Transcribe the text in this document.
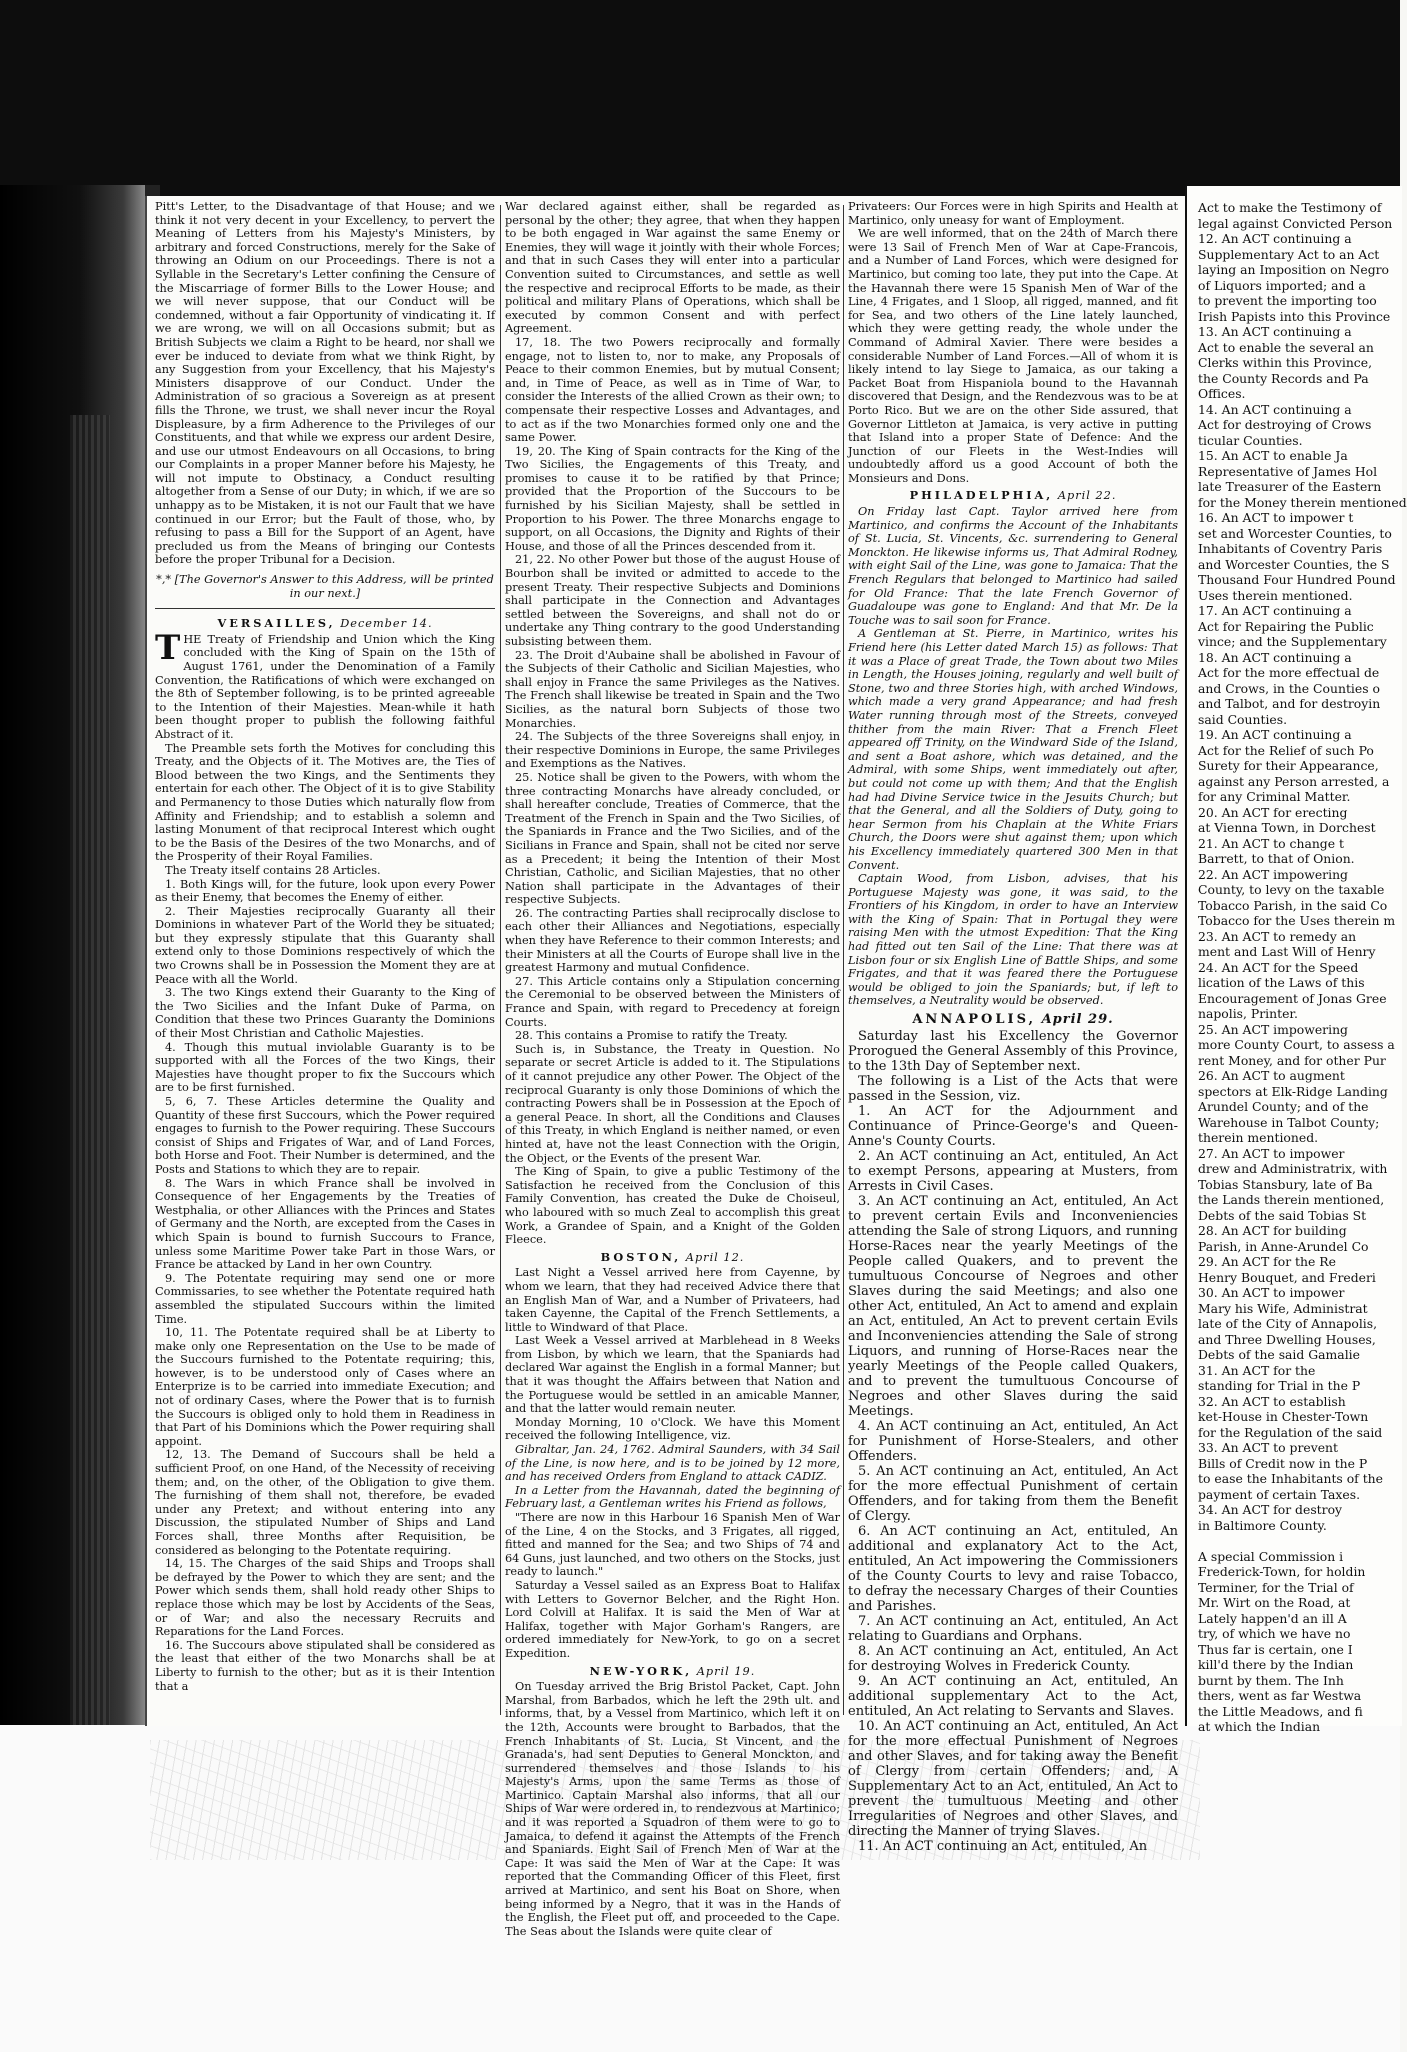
Pitt's Letter, to the Disadvantage of that House; and we think it not very decent in your Excellency, to pervert the Meaning of Letters from his Majesty's Ministers, by arbitrary and forced Constructions, merely for the Sake of throwing an Odium on our Proceedings. There is not a Syllable in the Secretary's Letter confining the Censure of the Miscarriage of former Bills to the Lower House; and we will never suppose, that our Conduct will be condemned, without a fair Opportunity of vindicating it. If we are wrong, we will on all Occasions submit; but as British Subjects we claim a Right to be heard, nor shall we ever be induced to deviate from what we think Right, by any Suggestion from your Excellency, that his Majesty's Ministers disapprove of our Conduct. Under the Administration of so gracious a Sovereign as at present fills the Throne, we trust, we shall never incur the Royal Displeasure, by a firm Adherence to the Privileges of our Constituents, and that while we express our ardent Desire, and use our utmost Endeavours on all Occasions, to bring our Complaints in a proper Manner before his Majesty, he will not impute to Obstinacy, a Conduct resulting altogether from a Sense of our Duty; in which, if we are so unhappy as to be Mistaken, it is not our Fault that we have continued in our Error; but the Fault of those, who, by refusing to pass a Bill for the Support of an Agent, have precluded us from the Means of bringing our Contests before the proper Tribunal for a Decision.

*,* [The Governor's Answer to this Address, will be printed in our next.]
VERSAILLES, December 14.

THE Treaty of Friendship and Union which the King concluded with the King of Spain on the 15th of August 1761, under the Denomination of a Family Convention, the Ratifications of which were exchanged on the 8th of September following, is to be printed agreeable to the Intention of their Majesties. Mean-while it hath been thought proper to publish the following faithful Abstract of it.

The Preamble sets forth the Motives for concluding this Treaty, and the Objects of it. The Motives are, the Ties of Blood between the two Kings, and the Sentiments they entertain for each other. The Object of it is to give Stability and Permanency to those Duties which naturally flow from Affinity and Friendship; and to establish a solemn and lasting Monument of that reciprocal Interest which ought to be the Basis of the Desires of the two Monarchs, and of the Prosperity of their Royal Families.

The Treaty itself contains 28 Articles.

1. Both Kings will, for the future, look upon every Power as their Enemy, that becomes the Enemy of either.

2. Their Majesties reciprocally Guaranty all their Dominions in whatever Part of the World they be situated; but they expressly stipulate that this Guaranty shall extend only to those Dominions respectively of which the two Crowns shall be in Possession the Moment they are at Peace with all the World.

3. The two Kings extend their Guaranty to the King of the Two Sicilies and the Infant Duke of Parma, on Condition that these two Princes Guaranty the Dominions of their Most Christian and Catholic Majesties.

4. Though this mutual inviolable Guaranty is to be supported with all the Forces of the two Kings, their Majesties have thought proper to fix the Succours which are to be first furnished.

5, 6, 7. These Articles determine the Quality and Quantity of these first Succours, which the Power required engages to furnish to the Power requiring. These Succours consist of Ships and Frigates of War, and of Land Forces, both Horse and Foot. Their Number is determined, and the Posts and Stations to which they are to repair.

8. The Wars in which France shall be involved in Consequence of her Engagements by the Treaties of Westphalia, or other Alliances with the Princes and States of Germany and the North, are excepted from the Cases in which Spain is bound to furnish Succours to France, unless some Maritime Power take Part in those Wars, or France be attacked by Land in her own Country.

9. The Potentate requiring may send one or more Commissaries, to see whether the Potentate required hath assembled the stipulated Succours within the limited Time.

10, 11. The Potentate required shall be at Liberty to make only one Representation on the Use to be made of the Succours furnished to the Potentate requiring; this, however, is to be understood only of Cases where an Enterprize is to be carried into immediate Execution; and not of ordinary Cases, where the Power that is to furnish the Succours is obliged only to hold them in Readiness in that Part of his Dominions which the Power requiring shall appoint.

12, 13. The Demand of Succours shall be held a sufficient Proof, on one Hand, of the Necessity of receiving them; and, on the other, of the Obligation to give them. The furnishing of them shall not, therefore, be evaded under any Pretext; and without entering into any Discussion, the stipulated Number of Ships and Land Forces shall, three Months after Requisition, be considered as belonging to the Potentate requiring.

14, 15. The Charges of the said Ships and Troops shall be defrayed by the Power to which they are sent; and the Power which sends them, shall hold ready other Ships to replace those which may be lost by Accidents of the Seas, or of War; and also the necessary Recruits and Reparations for the Land Forces.

16. The Succours above stipulated shall be considered as the least that either of the two Monarchs shall be at Liberty to furnish to the other; but as it is their Intention that a

War declared against either, shall be regarded as personal by the other; they agree, that when they happen to be both engaged in War against the same Enemy or Enemies, they will wage it jointly with their whole Forces; and that in such Cases they will enter into a particular Convention suited to Circumstances, and settle as well the respective and reciprocal Efforts to be made, as their political and military Plans of Operations, which shall be executed by common Consent and with perfect Agreement.

17, 18. The two Powers reciprocally and formally engage, not to listen to, nor to make, any Proposals of Peace to their common Enemies, but by mutual Consent; and, in Time of Peace, as well as in Time of War, to consider the Interests of the allied Crown as their own; to compensate their respective Losses and Advantages, and to act as if the two Monarchies formed only one and the same Power.

19, 20. The King of Spain contracts for the King of the Two Sicilies, the Engagements of this Treaty, and promises to cause it to be ratified by that Prince; provided that the Proportion of the Succours to be furnished by his Sicilian Majesty, shall be settled in Proportion to his Power. The three Monarchs engage to support, on all Occasions, the Dignity and Rights of their House, and those of all the Princes descended from it.

21, 22. No other Power but those of the august House of Bourbon shall be invited or admitted to accede to the present Treaty. Their respective Subjects and Dominions shall participate in the Connection and Advantages settled between the Sovereigns, and shall not do or undertake any Thing contrary to the good Understanding subsisting between them.

23. The Droit d'Aubaine shall be abolished in Favour of the Subjects of their Catholic and Sicilian Majesties, who shall enjoy in France the same Privileges as the Natives. The French shall likewise be treated in Spain and the Two Sicilies, as the natural born Subjects of those two Monarchies.

24. The Subjects of the three Sovereigns shall enjoy, in their respective Dominions in Europe, the same Privileges and Exemptions as the Natives.

25. Notice shall be given to the Powers, with whom the three contracting Monarchs have already concluded, or shall hereafter conclude, Treaties of Commerce, that the Treatment of the French in Spain and the Two Sicilies, of the Spaniards in France and the Two Sicilies, and of the Sicilians in France and Spain, shall not be cited nor serve as a Precedent; it being the Intention of their Most Christian, Catholic, and Sicilian Majesties, that no other Nation shall participate in the Advantages of their respective Subjects.

26. The contracting Parties shall reciprocally disclose to each other their Alliances and Negotiations, especially when they have Reference to their common Interests; and their Ministers at all the Courts of Europe shall live in the greatest Harmony and mutual Confidence.

27. This Article contains only a Stipulation concerning the Ceremonial to be observed between the Ministers of France and Spain, with regard to Precedency at foreign Courts.

28. This contains a Promise to ratify the Treaty.

Such is, in Substance, the Treaty in Question. No separate or secret Article is added to it. The Stipulations of it cannot prejudice any other Power. The Object of the reciprocal Guaranty is only those Dominions of which the contracting Powers shall be in Possession at the Epoch of a general Peace. In short, all the Conditions and Clauses of this Treaty, in which England is neither named, or even hinted at, have not the least Connection with the Origin, the Object, or the Events of the present War.

The King of Spain, to give a public Testimony of the Satisfaction he received from the Conclusion of this Family Convention, has created the Duke de Choiseul, who laboured with so much Zeal to accomplish this great Work, a Grandee of Spain, and a Knight of the Golden Fleece.

BOSTON, April 12.

Last Night a Vessel arrived here from Cayenne, by whom we learn, that they had received Advice there that an English Man of War, and a Number of Privateers, had taken Cayenne, the Capital of the French Settlements, a little to Windward of that Place.

Last Week a Vessel arrived at Marblehead in 8 Weeks from Lisbon, by which we learn, that the Spaniards had declared War against the English in a formal Manner; but that it was thought the Affairs between that Nation and the Portuguese would be settled in an amicable Manner, and that the latter would remain neuter.

Monday Morning, 10 o'Clock. We have this Moment received the following Intelligence, viz.

Gibraltar, Jan. 24, 1762. Admiral Saunders, with 34 Sail of the Line, is now here, and is to be joined by 12 more, and has received Orders from England to attack CADIZ.

In a Letter from the Havannah, dated the beginning of February last, a Gentleman writes his Friend as follows,

"There are now in this Harbour 16 Spanish Men of War of the Line, 4 on the Stocks, and 3 Frigates, all rigged, fitted and manned for the Sea; and two Ships of 74 and 64 Guns, just launched, and two others on the Stocks, just ready to launch."

Saturday a Vessel sailed as an Express Boat to Halifax with Letters to Governor Belcher, and the Right Hon. Lord Colvill at Halifax. It is said the Men of War at Halifax, together with Major Gorham's Rangers, are ordered immediately for New-York, to go on a secret Expedition.

NEW-YORK, April 19.

On Tuesday arrived the Brig Bristol Packet, Capt. John Marshal, from Barbados, which he left the 29th ult. and informs, that, by a Vessel from Martinico, which left it on the 12th, Accounts were brought to Barbados, that the French Inhabitants of St. Lucia, St Vincent, and the Granada's, had sent Deputies to General Monckton, and surrendered themselves and those Islands to his Majesty's Arms, upon the same Terms as those of Martinico. Captain Marshal also informs, that all our Ships of War were ordered in, to rendezvous at Martinico; and it was reported a Squadron of them were to go to Jamaica, to defend it against the Attempts of the French and Spaniards. Eight Sail of French Men of War at the Cape: It was said the Men of War at the Cape: It was reported that the Commanding Officer of this Fleet, first arrived at Martinico, and sent his Boat on Shore, when being informed by a Negro, that it was in the Hands of the English, the Fleet put off, and proceeded to the Cape. The Seas about the Islands were quite clear of

Privateers: Our Forces were in high Spirits and Health at Martinico, only uneasy for want of Employment.

We are well informed, that on the 24th of March there were 13 Sail of French Men of War at Cape-Francois, and a Number of Land Forces, which were designed for Martinico, but coming too late, they put into the Cape. At the Havannah there were 15 Spanish Men of War of the Line, 4 Frigates, and 1 Sloop, all rigged, manned, and fit for Sea, and two others of the Line lately launched, which they were getting ready, the whole under the Command of Admiral Xavier. There were besides a considerable Number of Land Forces.—All of whom it is likely intend to lay Siege to Jamaica, as our taking a Packet Boat from Hispaniola bound to the Havannah discovered that Design, and the Rendezvous was to be at Porto Rico. But we are on the other Side assured, that Governor Littleton at Jamaica, is very active in putting that Island into a proper State of Defence: And the Junction of our Fleets in the West-Indies will undoubtedly afford us a good Account of both the Monsieurs and Dons.

PHILADELPHIA, April 22.

On Friday last Capt. Taylor arrived here from Martinico, and confirms the Account of the Inhabitants of St. Lucia, St. Vincents, &c. surrendering to General Monckton. He likewise informs us, That Admiral Rodney, with eight Sail of the Line, was gone to Jamaica: That the French Regulars that belonged to Martinico had sailed for Old France: That the late French Governor of Guadaloupe was gone to England: And that Mr. De la Touche was to sail soon for France.

A Gentleman at St. Pierre, in Martinico, writes his Friend here (his Letter dated March 15) as follows: That it was a Place of great Trade, the Town about two Miles in Length, the Houses joining, regularly and well built of Stone, two and three Stories high, with arched Windows, which made a very grand Appearance; and had fresh Water running through most of the Streets, conveyed thither from the main River: That a French Fleet appeared off Trinity, on the Windward Side of the Island, and sent a Boat ashore, which was detained, and the Admiral, with some Ships, went immediately out after, but could not come up with them; And that the English had had Divine Service twice in the Jesuits Church; but that the General, and all the Soldiers of Duty, going to hear Sermon from his Chaplain at the White Friars Church, the Doors were shut against them; upon which his Excellency immediately quartered 300 Men in that Convent.

Captain Wood, from Lisbon, advises, that his Portuguese Majesty was gone, it was said, to the Frontiers of his Kingdom, in order to have an Interview with the King of Spain: That in Portugal they were raising Men with the utmost Expedition: That the King had fitted out ten Sail of the Line: That there was at Lisbon four or six English Line of Battle Ships, and some Frigates, and that it was feared there the Portuguese would be obliged to join the Spaniards; but, if left to themselves, a Neutrality would be observed.

ANNAPOLIS, April 29.

Saturday last his Excellency the Governor Prorogued the General Assembly of this Province, to the 13th Day of September next.

The following is a List of the Acts that were passed in the Session, viz.

1. An ACT for the Adjournment and Continuance of Prince-George's and Queen-Anne's County Courts.

2. An ACT continuing an Act, entituled, An Act to exempt Persons, appearing at Musters, from Arrests in Civil Cases.

3. An ACT continuing an Act, entituled, An Act to prevent certain Evils and Inconveniencies attending the Sale of strong Liquors, and running Horse-Races near the yearly Meetings of the People called Quakers, and to prevent the tumultuous Concourse of Negroes and other Slaves during the said Meetings; and also one other Act, entituled, An Act to amend and explain an Act, entituled, An Act to prevent certain Evils and Inconveniencies attending the Sale of strong Liquors, and running of Horse-Races near the yearly Meetings of the People called Quakers, and to prevent the tumultuous Concourse of Negroes and other Slaves during the said Meetings.

4. An ACT continuing an Act, entituled, An Act for Punishment of Horse-Stealers, and other Offenders.

5. An ACT continuing an Act, entituled, An Act for the more effectual Punishment of certain Offenders, and for taking from them the Benefit of Clergy.

6. An ACT continuing an Act, entituled, An additional and explanatory Act to the Act, entituled, An Act impowering the Commissioners of the County Courts to levy and raise Tobacco, to defray the necessary Charges of their Counties and Parishes.

7. An ACT continuing an Act, entituled, An Act relating to Guardians and Orphans.

8. An ACT continuing an Act, entituled, An Act for destroying Wolves in Frederick County.

9. An ACT continuing an Act, entituled, An additional supplementary Act to the Act, entituled, An Act relating to Servants and Slaves.

10. An ACT continuing an Act, entituled, An Act for the more effectual Punishment of Negroes and other Slaves, and for taking away the Benefit of Clergy from certain Offenders; and, A Supplementary Act to an Act, entituled, An Act to prevent the tumultuous Meeting and other Irregularities of Negroes and other Slaves, and directing the Manner of trying Slaves.

11. An ACT continuing an Act, entituled, An

Act to make the Testimony of
legal against Convicted Person
12. An ACT continuing a
Supplementary Act to an Act
laying an Imposition on Negro
of Liquors imported; and a
to prevent the importing too
Irish Papists into this Province
13. An ACT continuing a
Act to enable the several an
Clerks within this Province,
the County Records and Pa
Offices.
14. An ACT continuing a
Act for destroying of Crows
ticular Counties.
15. An ACT to enable Ja
Representative of James Hol
late Treasurer of the Eastern
for the Money therein mentioned
16. An ACT to impower t
set and Worcester Counties, to
Inhabitants of Coventry Paris
and Worcester Counties, the S
Thousand Four Hundred Pound
Uses therein mentioned.
17. An ACT continuing a
Act for Repairing the Public
vince; and the Supplementary
18. An ACT continuing a
Act for the more effectual de
and Crows, in the Counties o
and Talbot, and for destroyin
said Counties.
19. An ACT continuing a
Act for the Relief of such Po
Surety for their Appearance,
against any Person arrested, a
for any Criminal Matter.
20. An ACT for erecting
at Vienna Town, in Dorchest
21. An ACT to change t
Barrett, to that of Onion.
22. An ACT impowering
County, to levy on the taxable
Tobacco Parish, in the said Co
Tobacco for the Uses therein m
23. An ACT to remedy an
ment and Last Will of Henry
24. An ACT for the Speed
lication of the Laws of this
Encouragement of Jonas Gree
napolis, Printer.
25. An ACT impowering
more County Court, to assess a
rent Money, and for other Pur
26. An ACT to augment
spectors at Elk-Ridge Landing
Arundel County; and of the
Warehouse in Talbot County;
therein mentioned.
27. An ACT to impower
drew and Administratrix, with
Tobias Stansbury, late of Ba
the Lands therein mentioned,
Debts of the said Tobias St
28. An ACT for building
Parish, in Anne-Arundel Co
29. An ACT for the Re
Henry Bouquet, and Frederi
30. An ACT to impower
Mary his Wife, Administrat
late of the City of Annapolis,
and Three Dwelling Houses,
Debts of the said Gamalie
31. An ACT for the
standing for Trial in the P
32. An ACT to establish
ket-House in Chester-Town
for the Regulation of the said
33. An ACT to prevent
Bills of Credit now in the P
to ease the Inhabitants of the
payment of certain Taxes.
34. An ACT for destroy
in Baltimore County.

A special Commission i
Frederick-Town, for holdin
Terminer, for the Trial of
Mr. Wirt on the Road, at
Lately happen'd an ill A
try, of which we have no
Thus far is certain, one I
kill'd there by the Indian
burnt by them. The Inh
thers, went as far Westwa
the Little Meadows, and fi
at which the Indian
